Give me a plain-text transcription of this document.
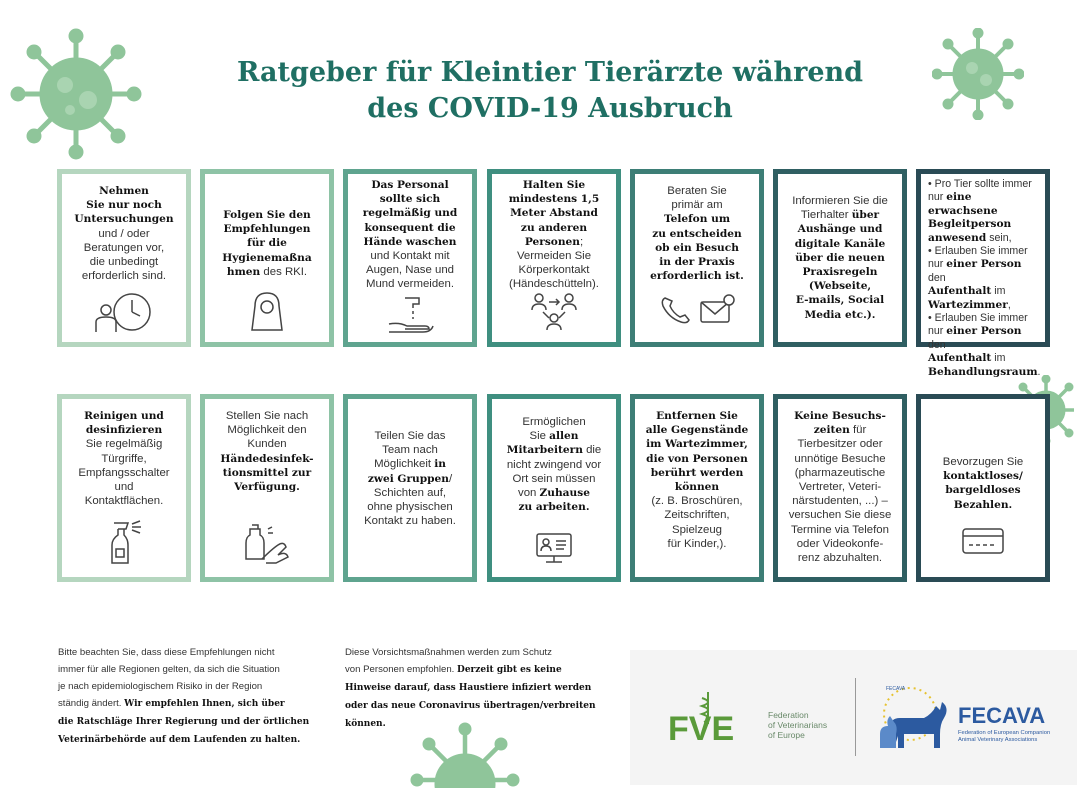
Ratgeber für Kleintier Tierärzte während
des COVID-19 Ausbruch
Nehmen
Sie nur noch
Untersuchungen
und / oder
Beratungen vor,
die unbedingt
erforderlich sind.
Folgen Sie den
Empfehlungen
für die
Hygienemaßna
hmen des RKI.
Das Personal
sollte sich
regelmäßig und
konsequent die
Hände waschen
und Kontakt mit
Augen, Nase und
Mund vermeiden.
Halten Sie
mindestens 1,5
Meter Abstand
zu anderen
Personen;
Vermeiden Sie
Körperkontakt
(Händeschütteln).
Beraten Sie
primär am
Telefon um
zu entscheiden
ob ein Besuch
in der Praxis
erforderlich ist.
Informieren Sie die
Tierhalter über
Aushänge und
digitale Kanäle
über die neuen
Praxisregeln
(Webseite,
E-mails, Social
Media etc.).
• Pro Tier sollte immer
nur eine erwachsene
Begleitperson
anwesend sein,
• Erlauben Sie immer
nur einer Person den
Aufenthalt im
Wartezimmer,
• Erlauben Sie immer
nur einer Person den
Aufenthalt im
Behandlungsraum.
Reinigen und
desinfizieren
Sie regelmäßig
Türgriffe,
Empfangsschalter
und
Kontaktflächen.
Stellen Sie nach
Möglichkeit den
Kunden
Händedesinfek-
tionsmittel zur
Verfügung.
Teilen Sie das
Team nach
Möglichkeit in
zwei Gruppen/
Schichten auf,
ohne physischen
Kontakt zu haben.
Ermöglichen
Sie allen
Mitarbeitern die
nicht zwingend vor
Ort sein müssen
von Zuhause
zu arbeiten.
Entfernen Sie
alle Gegenstände
im Wartezimmer,
die von Personen
berührt werden
können
(z. B. Broschüren,
Zeitschriften,
Spielzeug
für Kinder,).
Keine Besuchs-
zeiten für
Tierbesitzer oder
unnötige Besuche
(pharmazeutische
Vertreter, Veteri-
närstudenten, ...) –
versuchen Sie diese
Termine via Telefon
oder Videokonfe-
renz abzuhalten.
Bevorzugen Sie
kontaktloses/
bargeldloses
Bezahlen.
Bitte beachten Sie, dass diese Empfehlungen nicht
immer für alle Regionen gelten, da sich die Situation
je nach epidemiologischem Risiko in der Region
ständig ändert. Wir empfehlen Ihnen, sich über
die Ratschläge Ihrer Regierung und der örtlichen
Veterinärbehörde auf dem Laufenden zu halten.
Diese Vorsichtsmaßnahmen werden zum Schutz
von Personen empfohlen. Derzeit gibt es keine
Hinweise darauf, dass Haustiere infiziert werden
oder das neue Coronavirus übertragen/verbreiten
können.	FVE	Federation
of Veterinarians
of Europe
FECAVA
FECAVA
Federation of European Companion
Animal Veterinary Associations
